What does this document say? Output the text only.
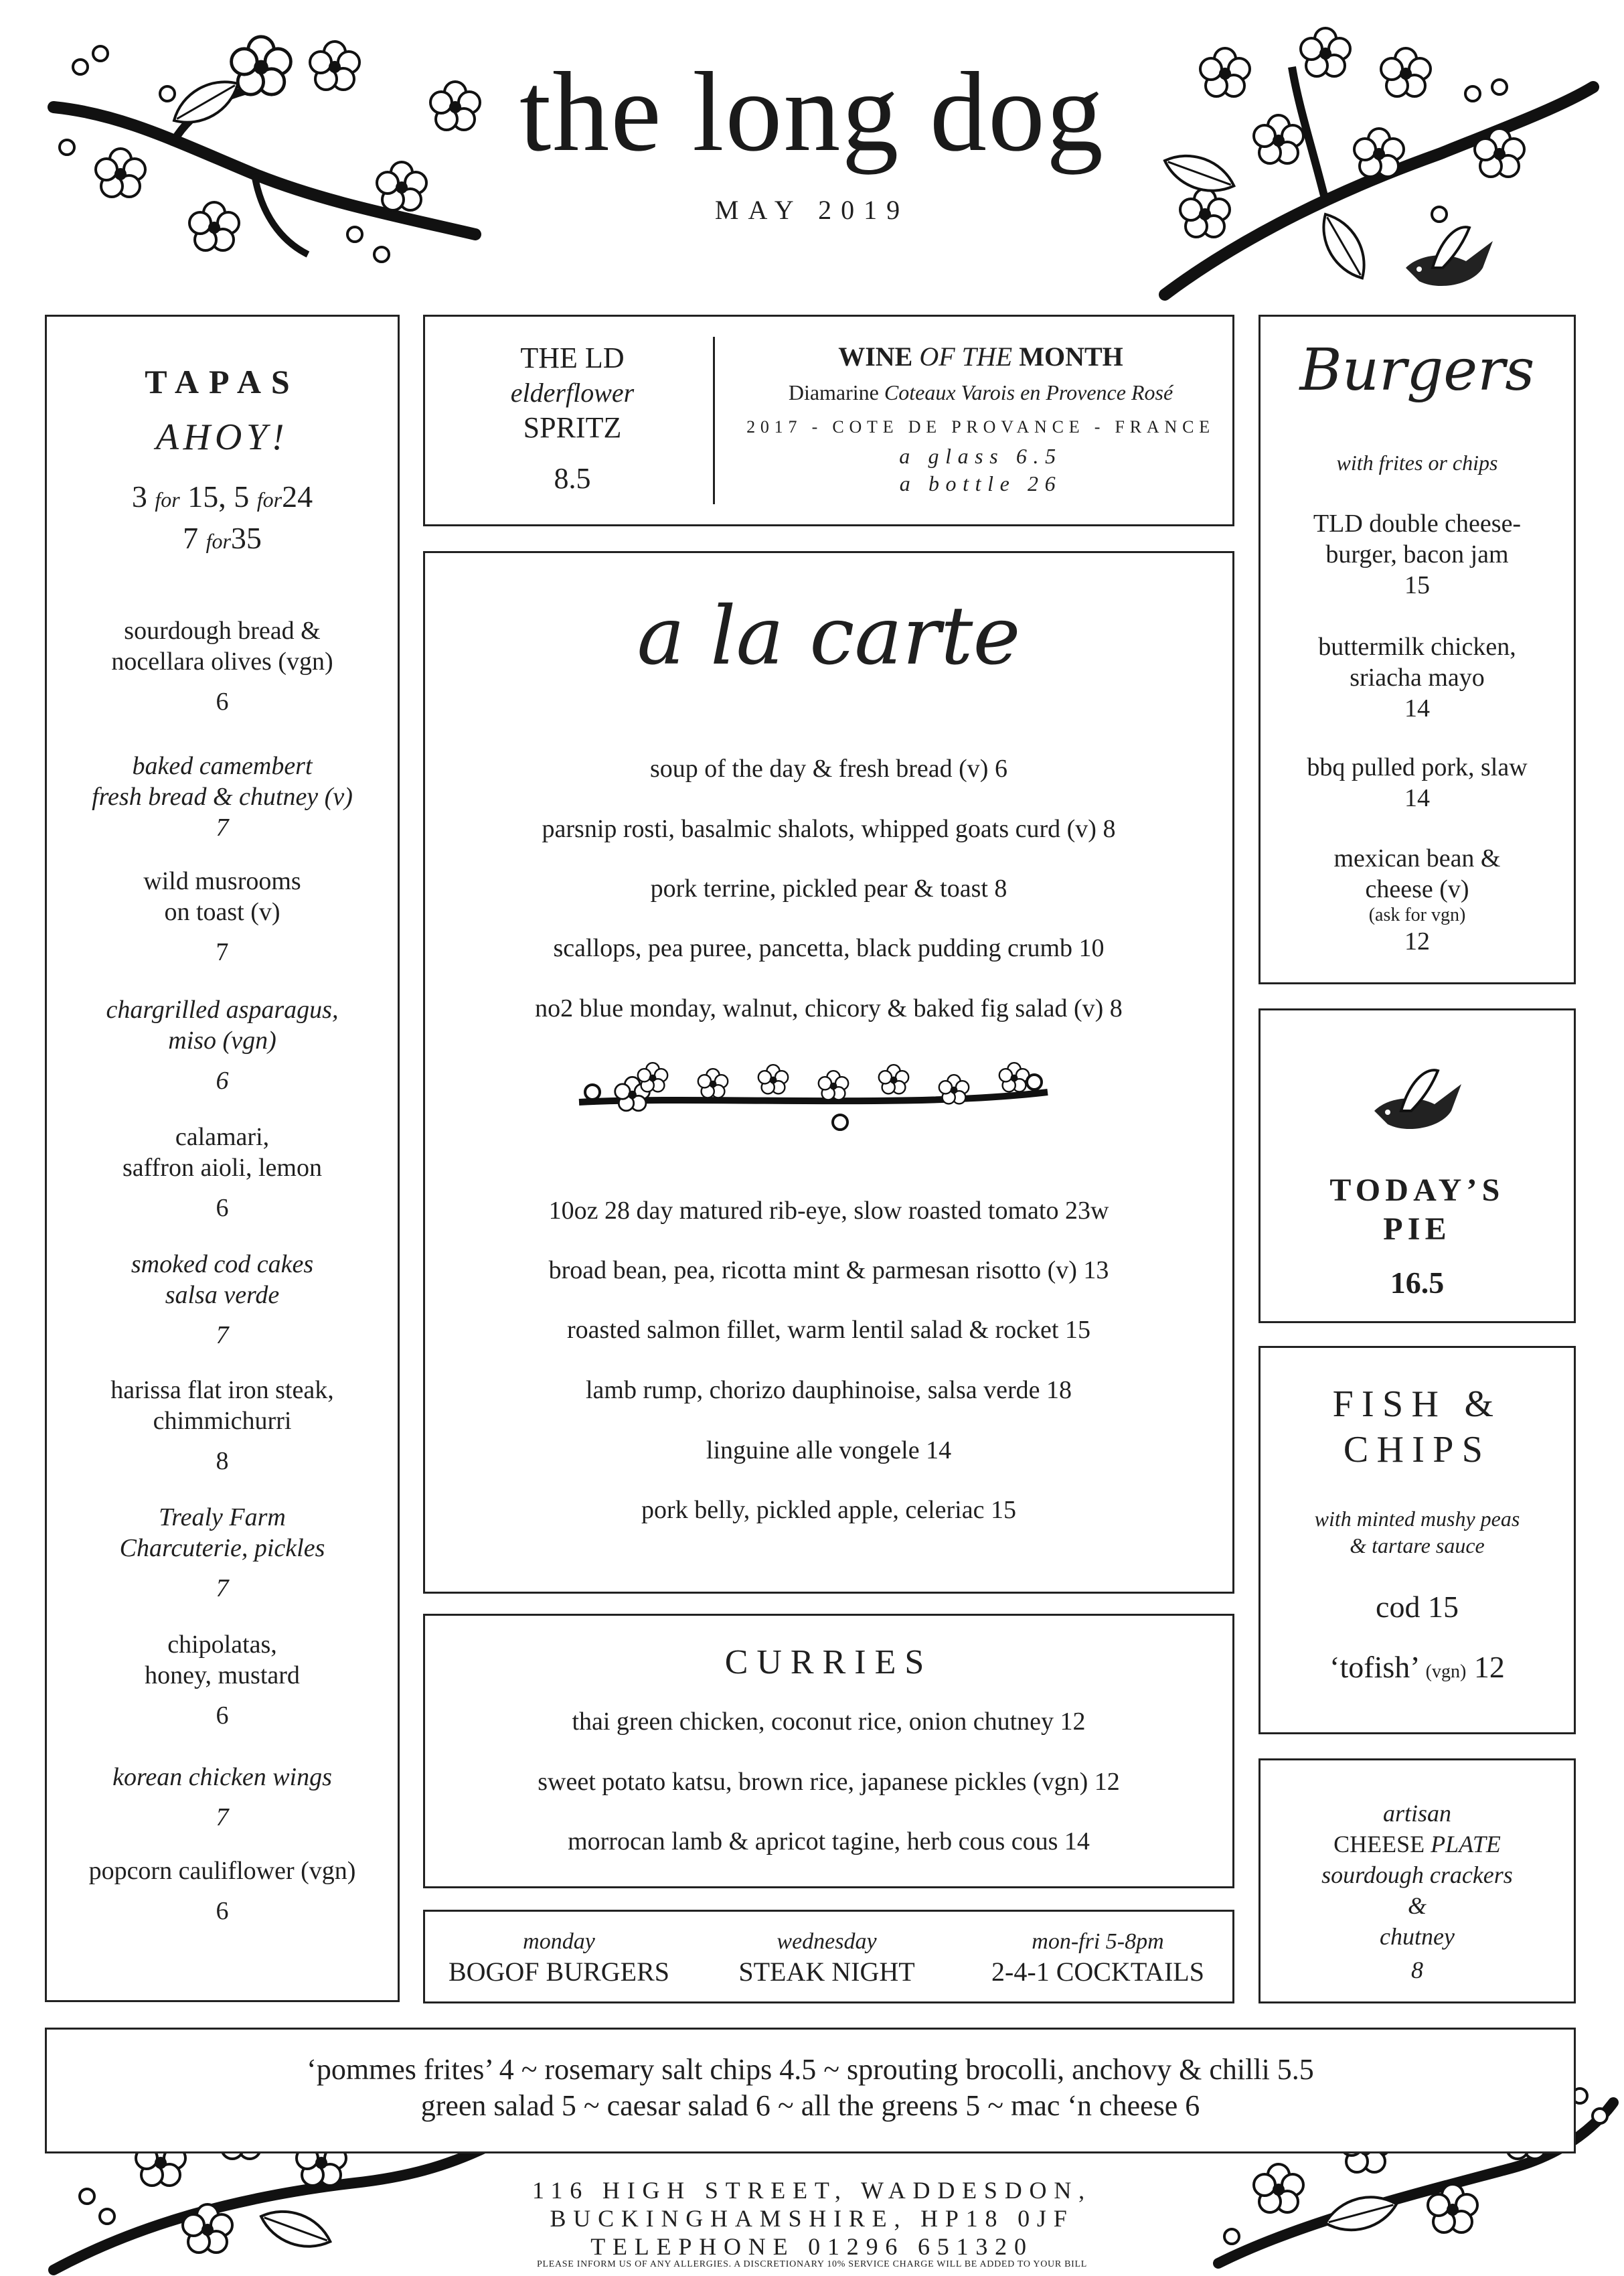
the long dog
MAY 2019
TAPAS
AHOY!
3 for 15, 5 for24
7 for35
sourdough bread &
nocellara olives (vgn)
6
baked camembert
fresh bread & chutney (v)
7
wild musrooms
on toast (v)
7
chargrilled asparagus,
miso (vgn)
6
calamari,
saffron aioli, lemon
6
smoked cod cakes
salsa verde
7
harissa flat iron steak,
chimmichurri
8
Trealy Farm
Charcuterie, pickles
7
chipolatas,
honey, mustard
6
korean chicken wings
7
popcorn cauliflower (vgn)
6
THE LD
elderflower
SPRITZ
8.5
WINE OF THE MONTH
Diamarine Coteaux Varois en Provence Rosé
2017 - COTE DE PROVANCE - FRANCE
a glass 6.5
a bottle 26
a la carte
soup of the day & fresh bread (v) 6
parsnip rosti, basalmic shalots, whipped goats curd (v) 8
pork terrine, pickled pear & toast 8
scallops, pea puree, pancetta, black pudding crumb 10
no2 blue monday, walnut, chicory & baked fig salad (v) 8
10oz 28 day matured rib-eye, slow roasted tomato 23w
broad bean, pea, ricotta mint & parmesan risotto (v) 13
roasted salmon fillet, warm lentil salad & rocket 15
lamb rump, chorizo dauphinoise, salsa verde 18
linguine alle vongele 14
pork belly, pickled apple, celeriac 15
CURRIES
thai green chicken, coconut rice, onion chutney 12
sweet potato katsu, brown rice, japanese pickles (vgn) 12
morrocan lamb & apricot tagine, herb cous cous 14
monday
BOGOF BURGERS
wednesday
STEAK NIGHT
mon-fri 5-8pm
2-4-1 COCKTAILS
Burgers
with frites or chips
TLD double cheese-
burger, bacon jam
15
buttermilk chicken,
sriacha mayo
14
bbq pulled pork, slaw
14
mexican bean &
cheese (v)
(ask for vgn)
12
TODAY’S
PIE
16.5
FISH &
CHIPS
with minted mushy peas
& tartare sauce
cod 15
‘tofish’ (vgn) 12
artisan
CHEESE PLATE
sourdough crackers
&
chutney
8
‘pommes frites’ 4 ~ rosemary salt chips 4.5 ~ sprouting brocolli, anchovy & chilli 5.5
green salad 5 ~ caesar salad 6 ~ all the greens 5 ~ mac ‘n cheese 6
116 HIGH STREET, WADDESDON,
BUCKINGHAMSHIRE, HP18 0JF
TELEPHONE 01296 651320
PLEASE INFORM US OF ANY ALLERGIES. A DISCRETIONARY 10% SERVICE CHARGE WILL BE ADDED TO YOUR BILL
